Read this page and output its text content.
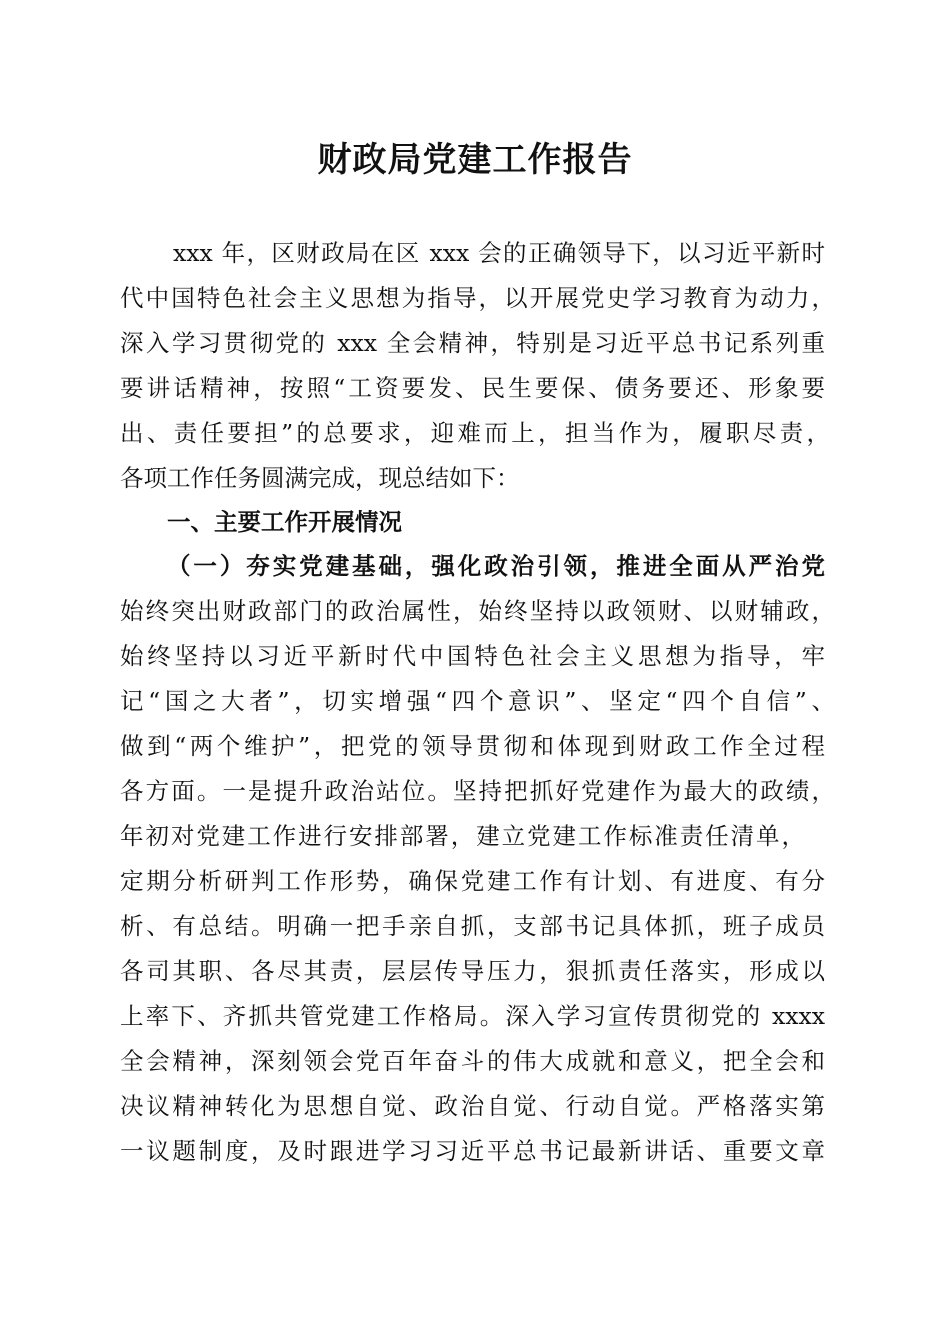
财政局党建工作报告

xxx 年，区财政局在区 xxx 会的正确领导下，以习近平新时

代中国特色社会主义思想为指导，以开展党史学习教育为动力，

深入学习贯彻党的 xxx 全会精神，特别是习近平总书记系列重

要讲话精神，按照“工资要发、民生要保、债务要还、形象要

出、责任要担”的总要求，迎难而上，担当作为，履职尽责，

各项工作任务圆满完成，现总结如下：

一、主要工作开展情况

（一）夯实党建基础，强化政治引领，推进全面从严治党

始终突出财政部门的政治属性，始终坚持以政领财、以财辅政，

始终坚持以习近平新时代中国特色社会主义思想为指导，牢

记“国之大者”，切实增强“四个意识”、坚定“四个自信”、

做到“两个维护”，把党的领导贯彻和体现到财政工作全过程

各方面。一是提升政治站位。坚持把抓好党建作为最大的政绩，

年初对党建工作进行安排部署，建立党建工作标准责任清单，

定期分析研判工作形势，确保党建工作有计划、有进度、有分

析、有总结。明确一把手亲自抓，支部书记具体抓，班子成员

各司其职、各尽其责，层层传导压力，狠抓责任落实，形成以

上率下、齐抓共管党建工作格局。深入学习宣传贯彻党的 xxxx

全会精神，深刻领会党百年奋斗的伟大成就和意义，把全会和

决议精神转化为思想自觉、政治自觉、行动自觉。严格落实第

一议题制度，及时跟进学习习近平总书记最新讲话、重要文章
